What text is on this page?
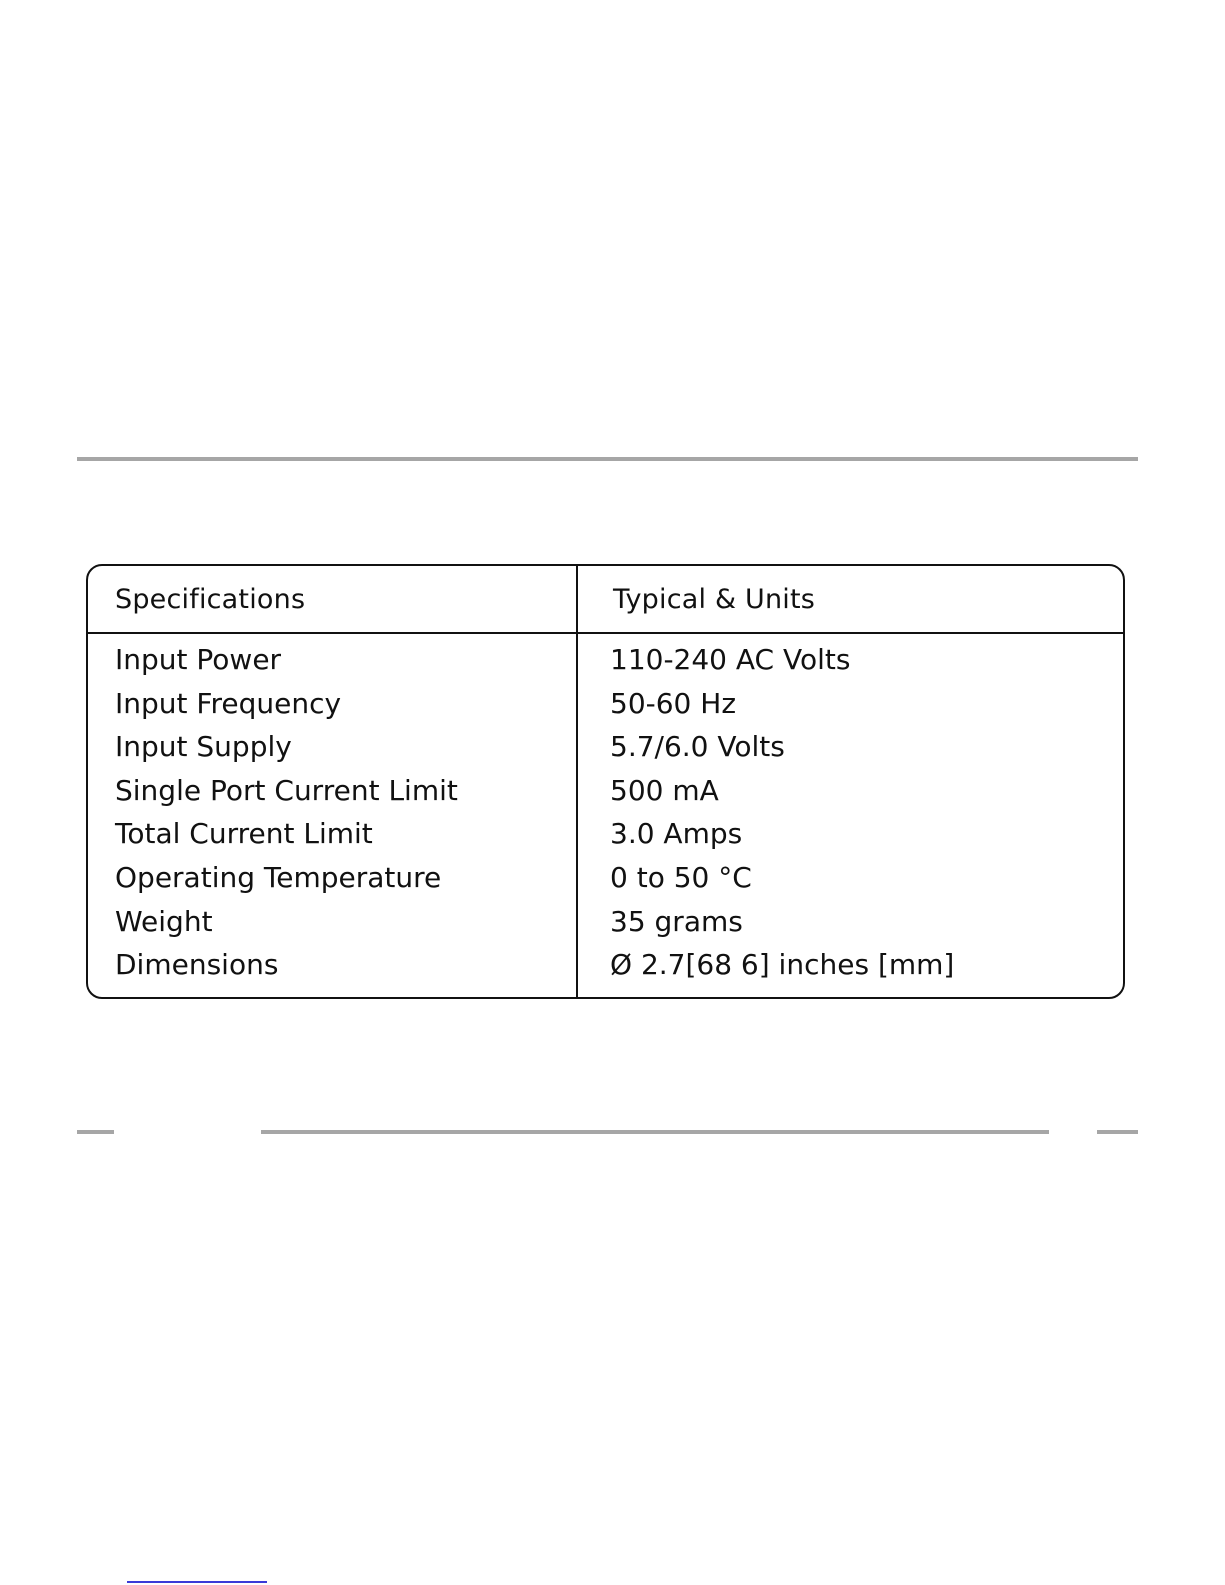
Specifications	Typical & Units
Input Power	110-240 AC Volts
Input Frequency	50-60 Hz
Input Supply	5.7/6.0 Volts
Single Port Current Limit	500 mA
Total Current Limit	3.0 Amps
Operating Temperature	0 to 50 °C
Weight	35 grams
Dimensions	Ø 2.7[68 6] inches [mm]
